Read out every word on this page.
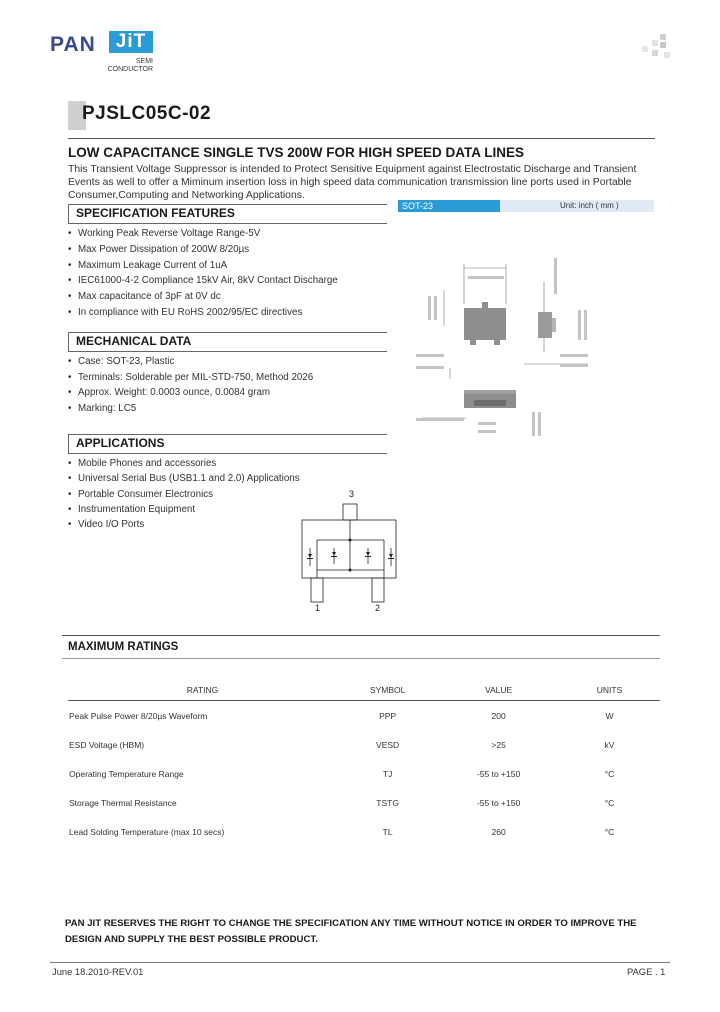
PAN	JiT
SEMI
CONDUCTOR
PJSLC05C-02
LOW CAPACITANCE SINGLE TVS 200W FOR HIGH SPEED DATA LINES
This Transient Voltage Suppressor is intended to Protect Sensitive Equipment against Electrostatic Discharge and Transient Events as well to offer a Miminum insertion loss in high speed data communication transmission line ports used in Portable Consumer,Computing and Networking Applications.
SPECIFICATION FEATURES
• Working Peak Reverse Voltage Range-5V
• Max Power Dissipation of 200W 8/20µs
• Maximum Leakage Current of 1uA
• IEC61000-4-2 Compliance 15kV Air, 8kV Contact Discharge
• Max capacitance of 3pF at 0V dc
• In compliance with EU RoHS 2002/95/EC directives
MECHANICAL DATA
• Case: SOT-23, Plastic
• Terminals: Solderable per MIL-STD-750, Method 2026
• Approx. Weight: 0.0003 ounce, 0.0084 gram
• Marking: LC5
APPLICATIONS
• Mobile Phones and accessories
• Universal Serial Bus (USB1.1 and 2.0) Applications
• Portable Consumer Electronics
• Instrumentation Equipment
• Video I/O Ports
SOT-23	Unit: inch ( mm )
3
1	2
MAXIMUM RATINGS
RATING	SYMBOL	VALUE	UNITS
Peak Pulse Power 8/20µs Waveform	PPP	200	W
ESD Voltage (HBM)	VESD	>25	kV
Operating Temperature Range	TJ	-55 to +150	°C
Storage Thermal Resistance	TSTG	-55 to +150	°C
Lead Solding Temperature (max 10 secs)	TL	260	°C
PAN JIT RESERVES THE RIGHT TO CHANGE THE SPECIFICATION ANY TIME WITHOUT NOTICE IN ORDER TO IMPROVE THE DESIGN AND SUPPLY THE BEST POSSIBLE PRODUCT.
June 18.2010-REV.01	PAGE . 1
